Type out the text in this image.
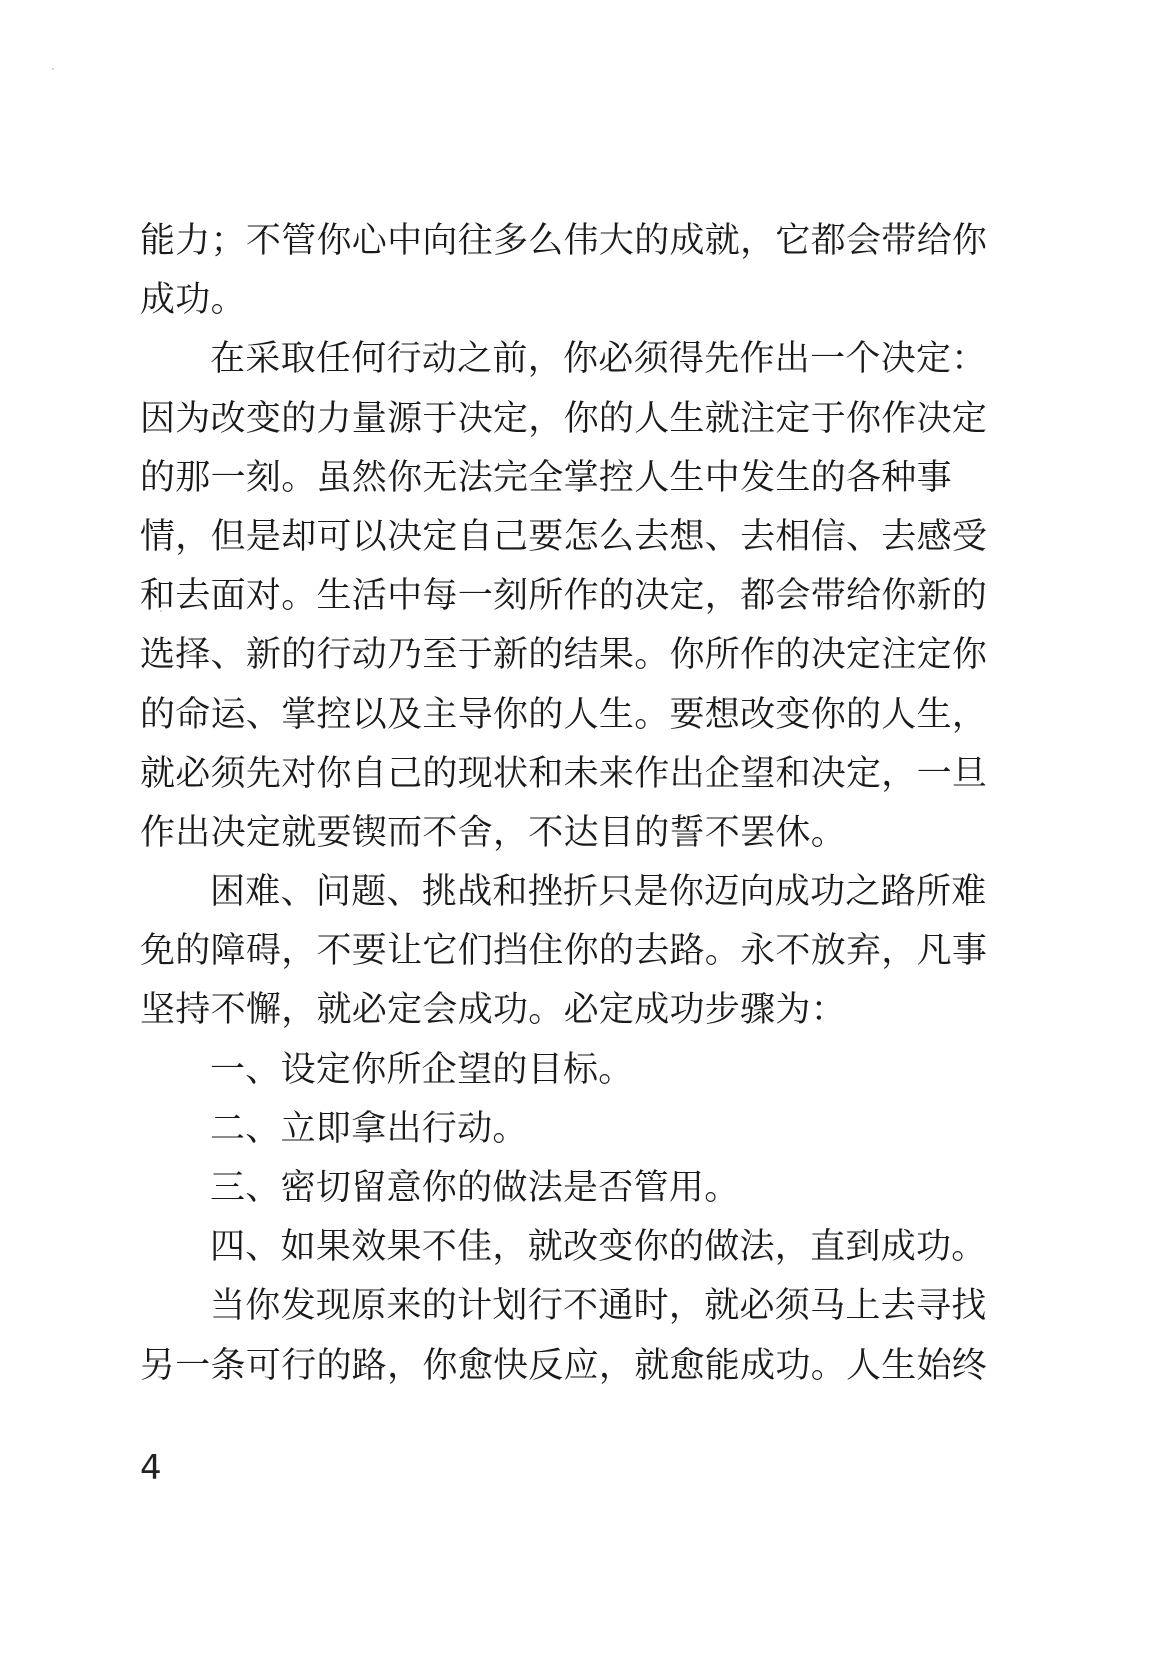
能力；不管你心中向往多么伟大的成就，它都会带给你
成功。
在采取任何行动之前，你必须得先作出一个决定：
因为改变的力量源于决定，你的人生就注定于你作决定
的那一刻。虽然你无法完全掌控人生中发生的各种事
情，但是却可以决定自己要怎么去想、去相信、去感受
和去面对。生活中每一刻所作的决定，都会带给你新的
选择、新的行动乃至于新的结果。你所作的决定注定你
的命运、掌控以及主导你的人生。要想改变你的人生，
就必须先对你自己的现状和未来作出企望和决定，一旦
作出决定就要锲而不舍，不达目的誓不罢休。
困难、问题、挑战和挫折只是你迈向成功之路所难
免的障碍，不要让它们挡住你的去路。永不放弃，凡事
坚持不懈，就必定会成功。必定成功步骤为：
一、设定你所企望的目标。
二、立即拿出行动。
三、密切留意你的做法是否管用。
四、如果效果不佳，就改变你的做法，直到成功。
当你发现原来的计划行不通时，就必须马上去寻找
另一条可行的路，你愈快反应，就愈能成功。人生始终
4
